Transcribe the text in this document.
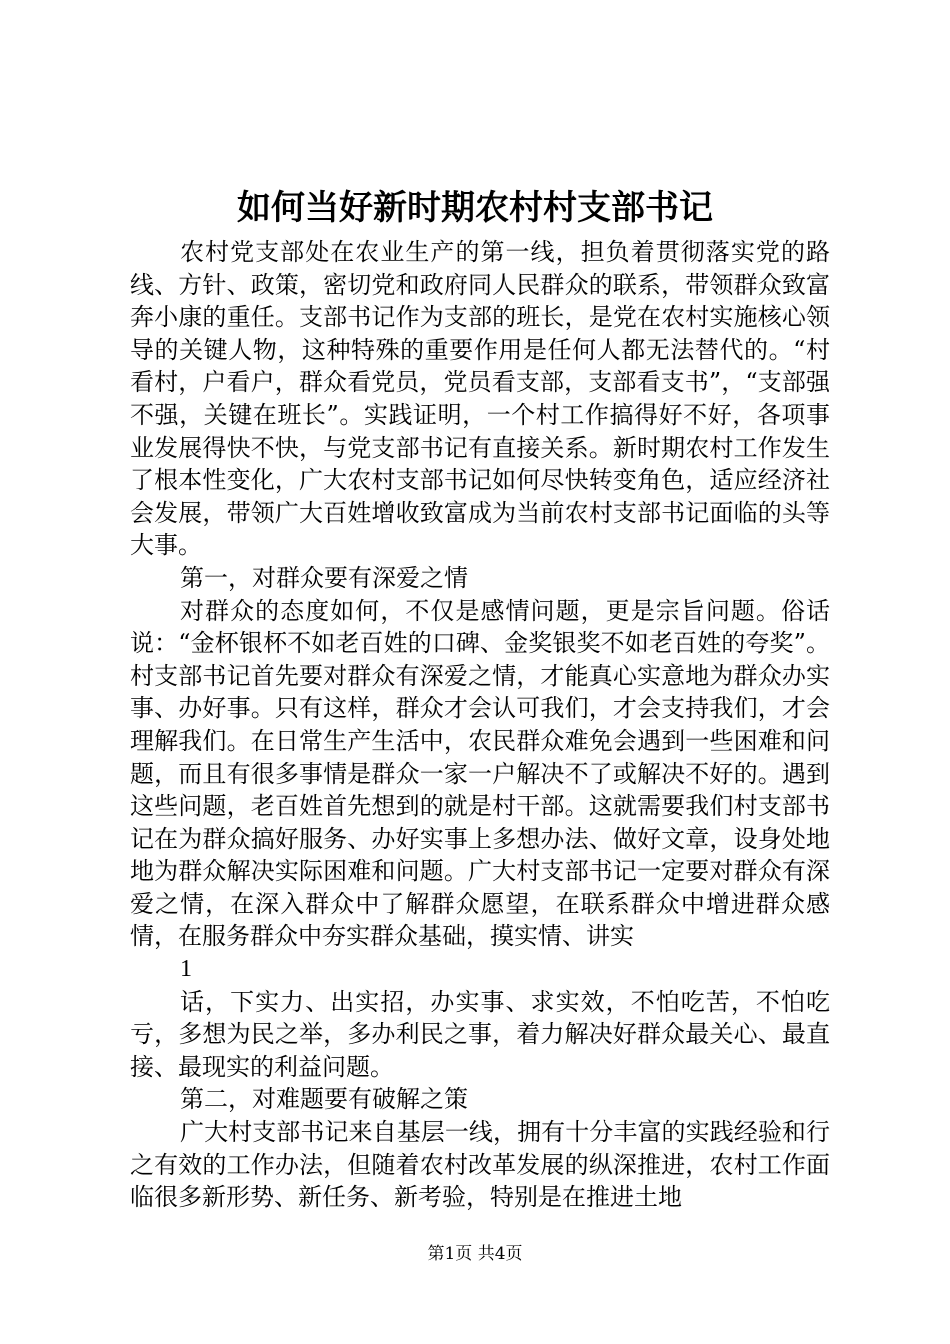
如何当好新时期农村村支部书记

农村党支部处在农业生产的第一线，担负着贯彻落实党的路线、方针、政策，密切党和政府同人民群众的联系，带领群众致富奔小康的重任。支部书记作为支部的班长，是党在农村实施核心领导的关键人物，这种特殊的重要作用是任何人都无法替代的。“村看村，户看户，群众看党员，党员看支部，支部看支书”，“支部强不强，关键在班长”。实践证明，一个村工作搞得好不好，各项事业发展得快不快，与党支部书记有直接关系。新时期农村工作发生了根本性变化，广大农村支部书记如何尽快转变角色，适应经济社会发展，带领广大百姓增收致富成为当前农村支部书记面临的头等大事。

第一，对群众要有深爱之情

对群众的态度如何，不仅是感情问题，更是宗旨问题。俗话说：“金杯银杯不如老百姓的口碑、金奖银奖不如老百姓的夸奖”。村支部书记首先要对群众有深爱之情，才能真心实意地为群众办实事、办好事。只有这样，群众才会认可我们，才会支持我们，才会理解我们。在日常生产生活中，农民群众难免会遇到一些困难和问题，而且有很多事情是群众一家一户解决不了或解决不好的。遇到这些问题，老百姓首先想到的就是村干部。这就需要我们村支部书记在为群众搞好服务、办好实事上多想办法、做好文章，设身处地地为群众解决实际困难和问题。广大村支部书记一定要对群众有深爱之情，在深入群众中了解群众愿望，在联系群众中增进群众感情，在服务群众中夯实群众基础，摸实情、讲实

1

话，下实力、出实招，办实事、求实效，不怕吃苦，不怕吃亏，多想为民之举，多办利民之事，着力解决好群众最关心、最直接、最现实的利益问题。

第二，对难题要有破解之策

广大村支部书记来自基层一线，拥有十分丰富的实践经验和行之有效的工作办法，但随着农村改革发展的纵深推进，农村工作面临很多新形势、新任务、新考验，特别是在推进土地

第1页 共4页
